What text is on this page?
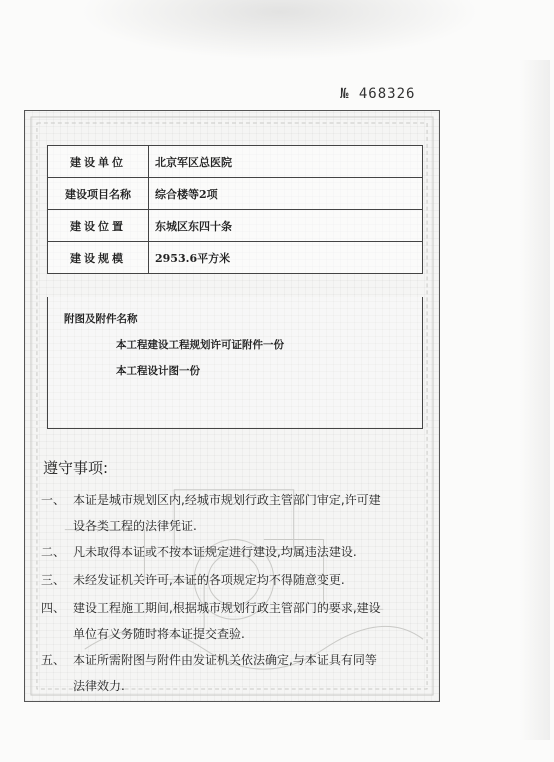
№ 468326
建设单位	北京军区总医院
建设项目名称	综合楼等2项
建设位置	东城区东四十条
建设规模	2953.6平方米
附图及附件名称
本工程建设工程规划许可证附件一份
本工程设计图一份
遵守事项:
一、 本证是城市规划区内,经城市规划行政主管部门审定,许可建
设各类工程的法律凭证.
二、 凡未取得本证或不按本证规定进行建设,均属违法建设.
三、 未经发证机关许可,本证的各项规定均不得随意变更.
四、 建设工程施工期间,根据城市规划行政主管部门的要求,建设
单位有义务随时将本证提交查验.
五、 本证所需附图与附件由发证机关依法确定,与本证具有同等
法律效力.
